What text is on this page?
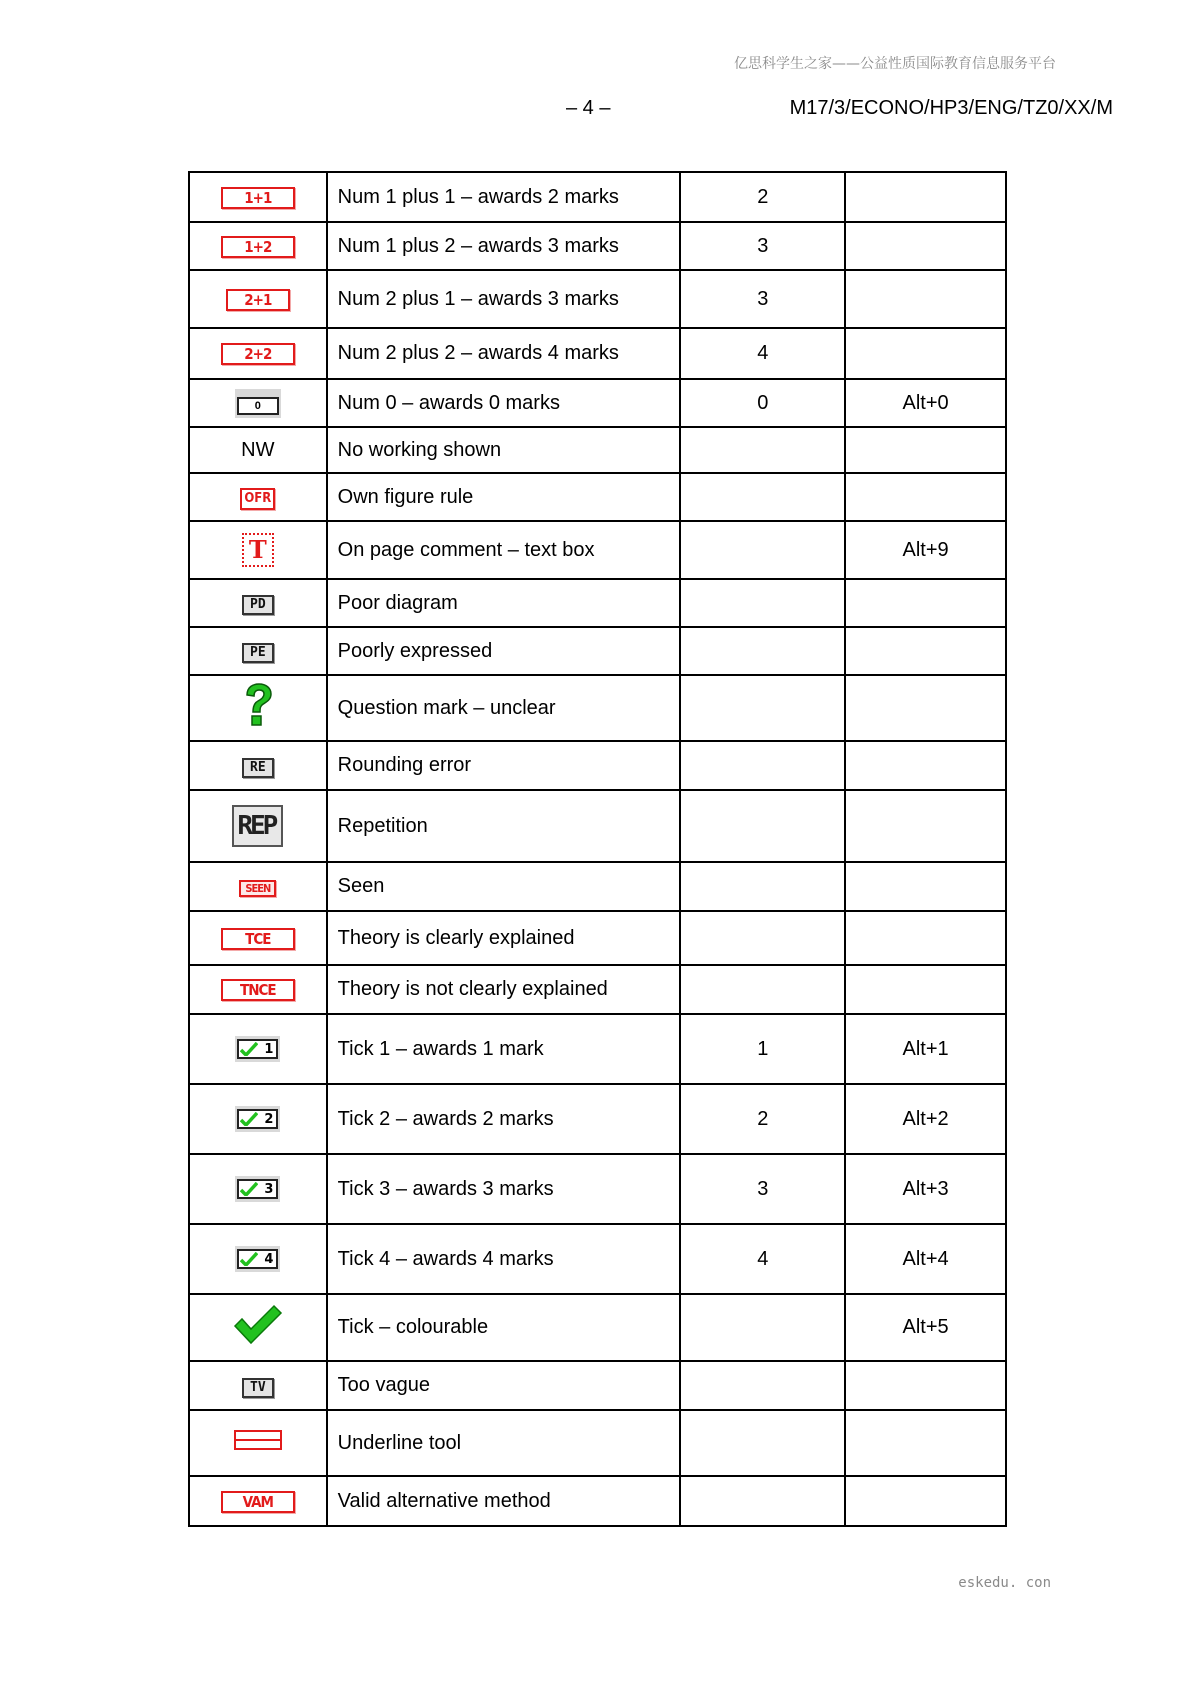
亿思科学生之家——公益性质国际教育信息服务平台
– 4 –	M17/3/ECONO/HP3/ENG/TZ0/XX/M
1+1	Num 1 plus 1 – awards 2 marks	2	
1+2	Num 1 plus 2 – awards 3 marks	3	
2+1	Num 2 plus 1 – awards 3 marks	3	
2+2	Num 2 plus 2 – awards 4 marks	4	
0	Num 0 – awards 0 marks	0	Alt+0
NW	No working shown		
OFR	Own figure rule		
T	On page comment – text box		Alt+9
PD	Poor diagram		
PE	Poorly expressed		
	Question mark – unclear		
RE	Rounding error		
REP	Repetition		
SEEN	Seen		
TCE	Theory is clearly explained		
TNCE	Theory is not clearly explained		

1	Tick 1 – awards 1 mark	1	Alt+1

2	Tick 2 – awards 2 marks	2	Alt+2

3	Tick 3 – awards 3 marks	3	Alt+3

4	Tick 4 – awards 4 marks	4	Alt+4
	Tick – colourable		Alt+5
TV	Too vague		
	Underline tool		
VAM	Valid alternative method		
eskedu. con
